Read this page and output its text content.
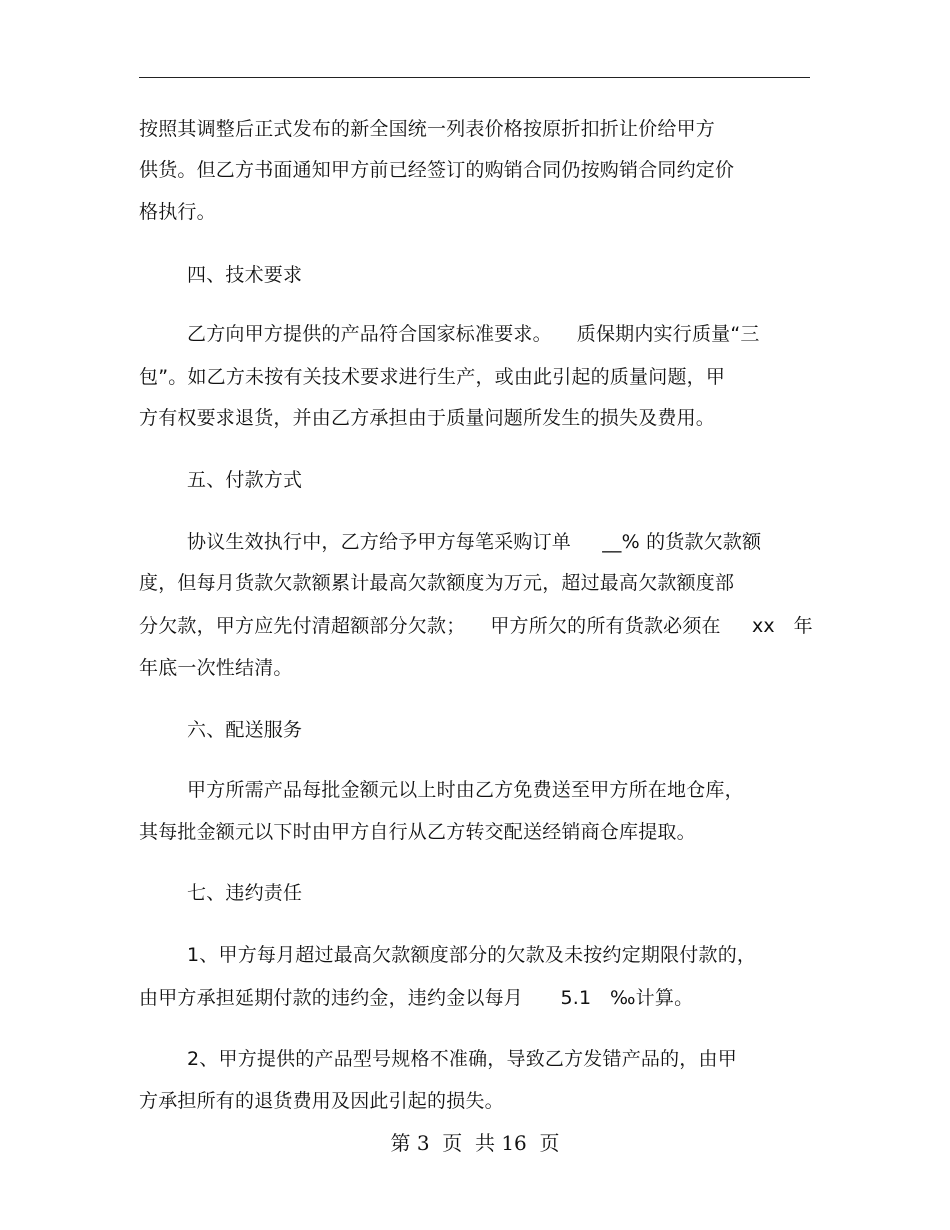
按照其调整后正式发布的新全国统一列表价格按原折扣折让价给甲方
供货。但乙方书面通知甲方前已经签订的购销合同仍按购销合同约定价
格执行。
四、技术要求
乙方向甲方提供的产品符合国家标准要求。    质保期内实行质量“三
包”。如乙方未按有关技术要求进行生产，或由此引起的质量问题，甲
方有权要求退货，并由乙方承担由于质量问题所发生的损失及费用。
五、付款方式
协议生效执行中，乙方给予甲方每笔采购订单     __% 的货款欠款额
度，但每月货款欠款额累计最高欠款额度为万元，超过最高欠款额度部
分欠款，甲方应先付清超额部分欠款；    甲方所欠的所有货款必须在     xx   年
年底一次性结清。
六、配送服务
甲方所需产品每批金额元以上时由乙方免费送至甲方所在地仓库，
其每批金额元以下时由甲方自行从乙方转交配送经销商仓库提取。
七、违约责任
1、甲方每月超过最高欠款额度部分的欠款及未按约定期限付款的，
由甲方承担延期付款的违约金，违约金以每月      5.1   ‰计算。
2、甲方提供的产品型号规格不准确，导致乙方发错产品的，由甲
方承担所有的退货费用及因此引起的损失。
第 3  页  共 16  页
